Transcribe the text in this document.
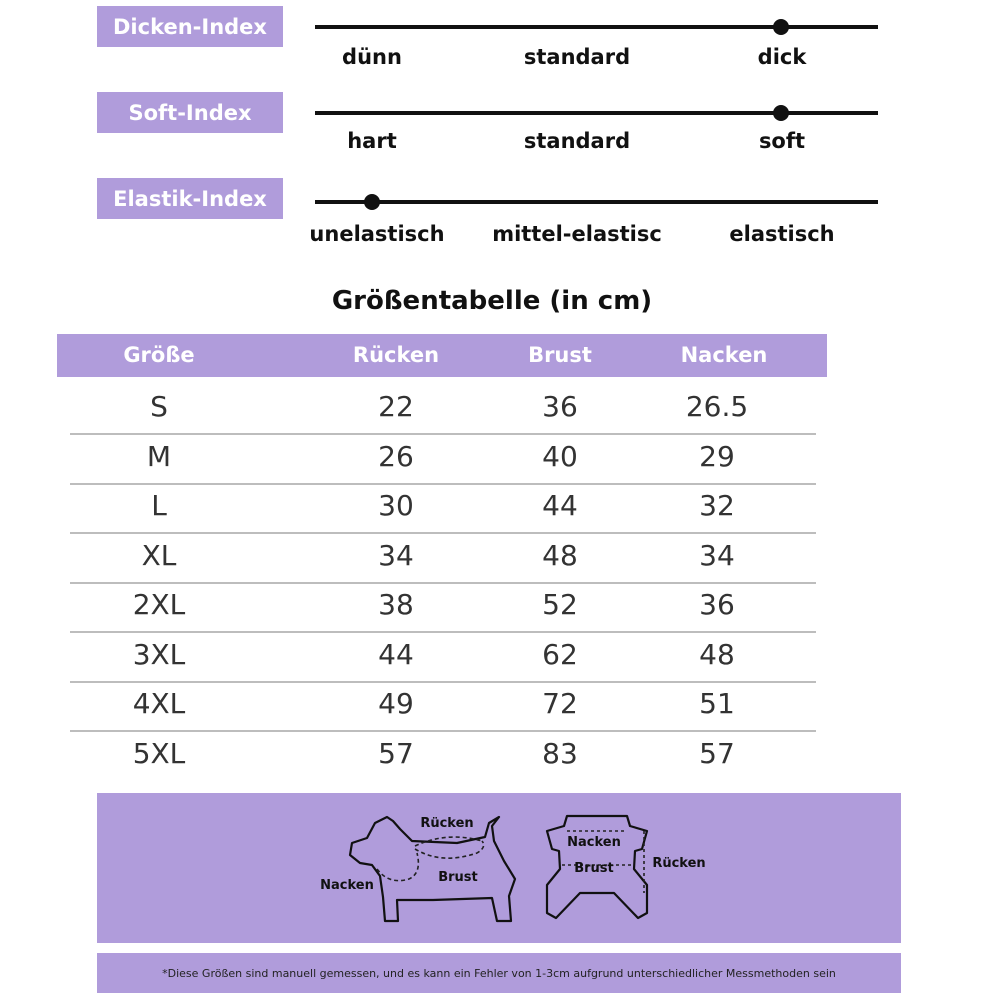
Dicken-Index
dünn	standard	dick
Soft-Index
hart	standard	soft
Elastik-Index
unelastisch	mittel-elastisc	elastisch
Größentabelle (in cm)
Größe	Rücken	Brust	Nacken
S	22	36	26.5
M	26	40	29
L	30	44	32
XL	34	48	34
2XL	38	52	36
3XL	44	62	48
4XL	49	72	51
5XL	57	83	57
Rücken
Nacken
Brust
Nacken
Brust	Rücken
*Diese Größen sind manuell gemessen, und es kann ein Fehler von 1-3cm aufgrund unterschiedlicher Messmethoden sein
